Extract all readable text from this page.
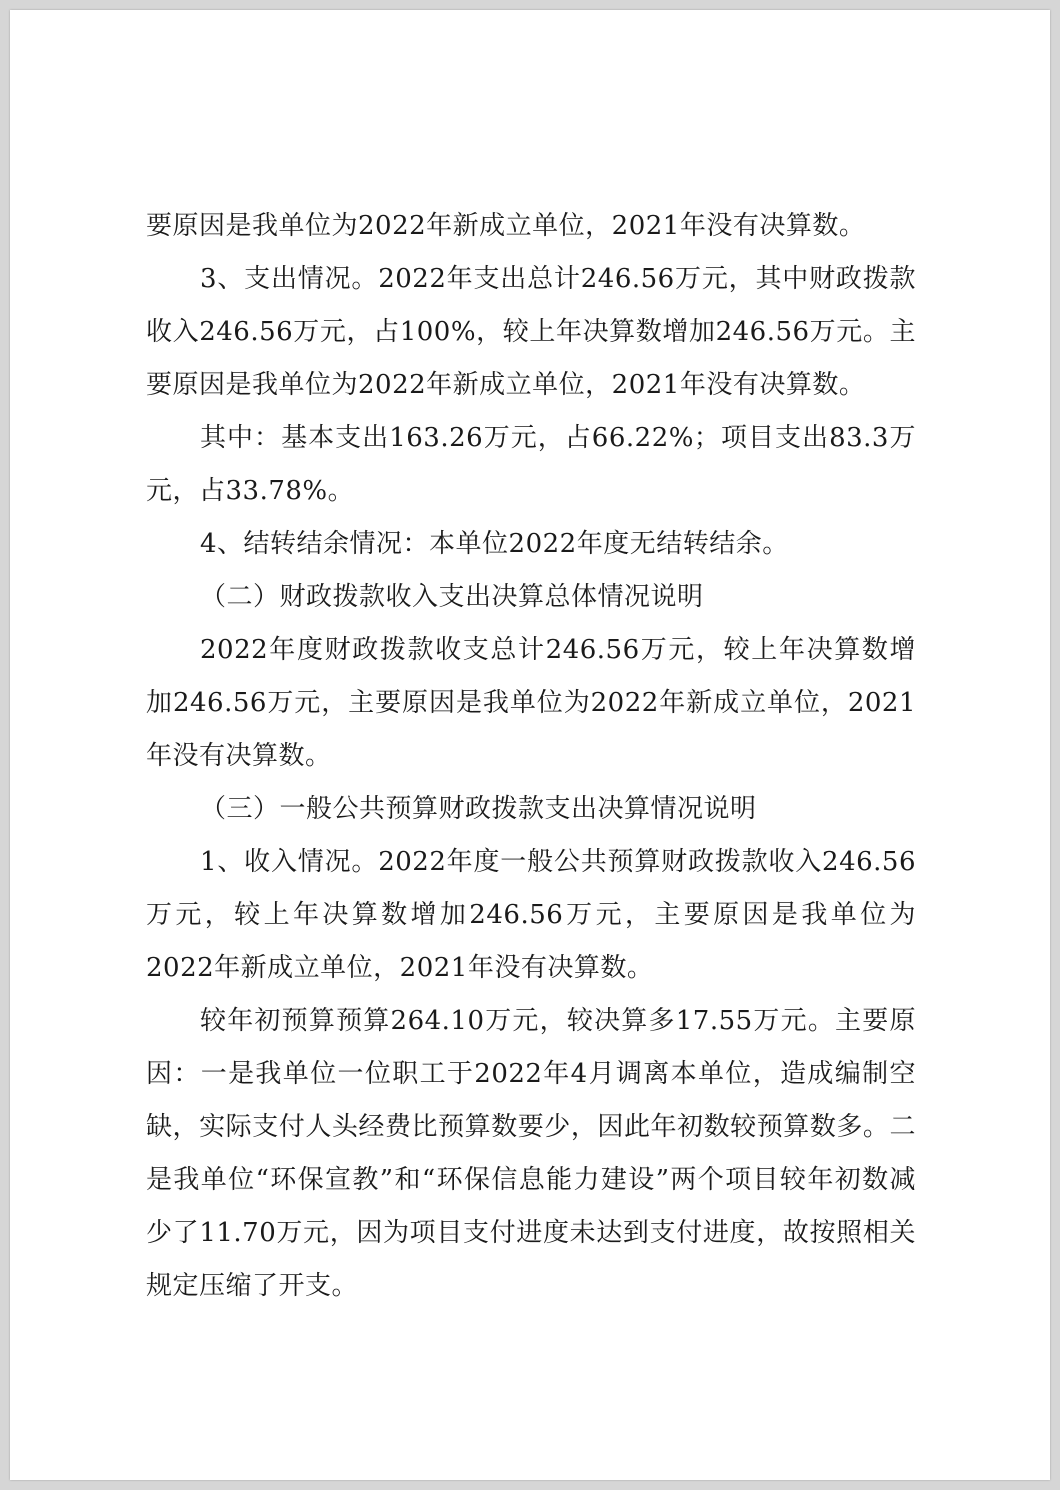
要原因是我单位为2022年新成立单位，2021年没有决算数。

3、支出情况。2022年支出总计246.56万元，其中财政拨款收入246.56万元，占100%，较上年决算数增加246.56万元。主要原因是我单位为2022年新成立单位，2021年没有决算数。

其中：基本支出163.26万元，占66.22%；项目支出83.3万元，占33.78%。

4、结转结余情况：本单位2022年度无结转结余。

（二）财政拨款收入支出决算总体情况说明

2022年度财政拨款收支总计246.56万元，较上年决算数增加246.56万元，主要原因是我单位为2022年新成立单位，2021年没有决算数。

（三）一般公共预算财政拨款支出决算情况说明

1、收入情况。2022年度一般公共预算财政拨款收入246.56万元，较上年决算数增加246.56万元，主要原因是我单位为2022年新成立单位，2021年没有决算数。

较年初预算预算264.10万元，较决算多17.55万元。主要原因：一是我单位一位职工于2022年4月调离本单位，造成编制空缺，实际支付人头经费比预算数要少，因此年初数较预算数多。二是我单位“环保宣教”和“环保信息能力建设”两个项目较年初数减少了11.70万元，因为项目支付进度未达到支付进度，故按照相关规定压缩了开支。
